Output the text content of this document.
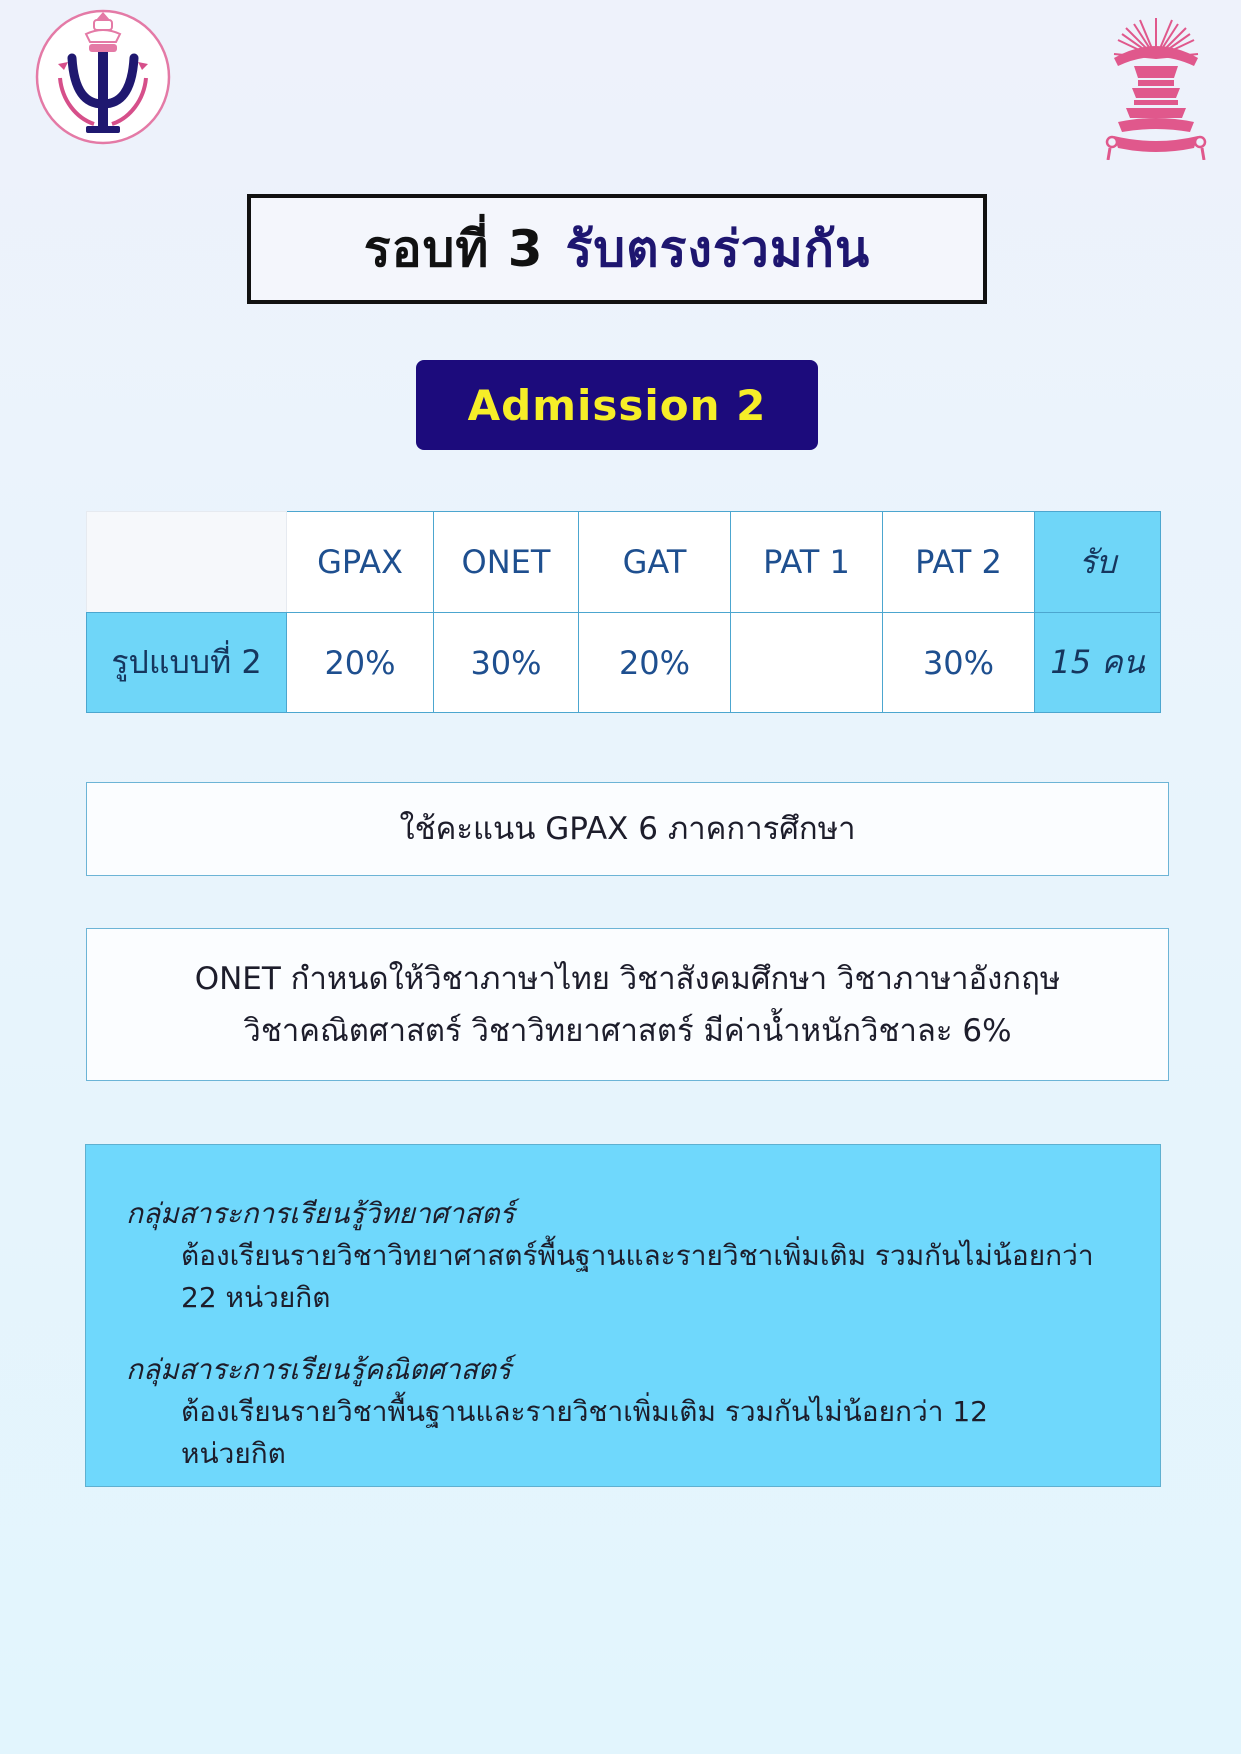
รอบที่ 3 รับตรงร่วมกัน
Admission 2
	GPAX	ONET	GAT	PAT 1	PAT 2	รับ
รูปแบบที่ 2	20%	30%	20%		30%	15 คน
ใช้คะแนน GPAX 6 ภาคการศึกษา
ONET กำหนดให้วิชาภาษาไทย วิชาสังคมศึกษา วิชาภาษาอังกฤษ
วิชาคณิตศาสตร์ วิชาวิทยาศาสตร์ มีค่าน้ำหนักวิชาละ 6%
กลุ่มสาระการเรียนรู้วิทยาศาสตร์
ต้องเรียนรายวิชาวิทยาศาสตร์พื้นฐานและรายวิชาเพิ่มเติม รวมกันไม่น้อยกว่า 22 หน่วยกิต
กลุ่มสาระการเรียนรู้คณิตศาสตร์
ต้องเรียนรายวิชาพื้นฐานและรายวิชาเพิ่มเติม รวมกันไม่น้อยกว่า 12 หน่วยกิต
